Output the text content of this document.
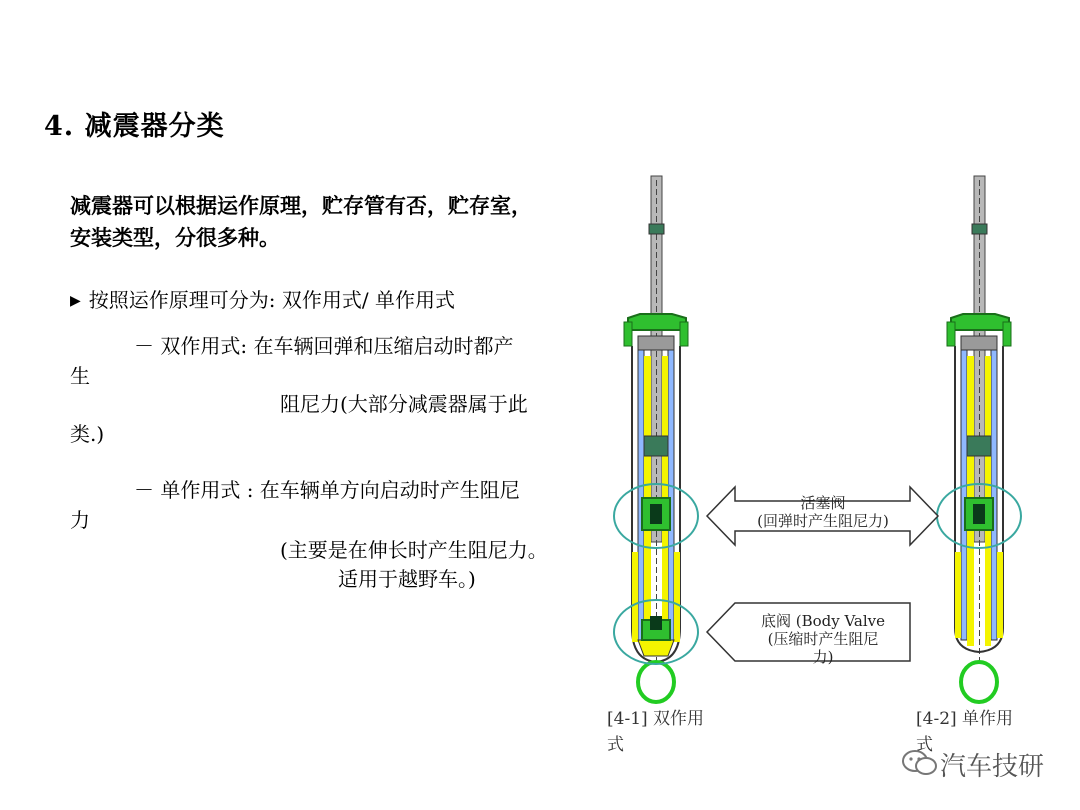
4. 减震器分类
减震器可以根据运作原理，贮存管有否，贮存室，
安装类型，分很多种。
▶ 按照运作原理可分为: 双作用式/ 单作用式
－ 双作用式: 在车辆回弹和压缩启动时都产
生
阻尼力(大部分减震器属于此
类.)
－ 单作用式 : 在车辆单方向启动时产生阻尼
力
(主要是在伸长时产生阻尼力。
适用于越野车。)
活塞阀
(回弹时产生阻尼力)
底阀 (Body Valve
(压缩时产生阻尼
力)
[4-1] 双作用
式
[4-2] 单作用
式
汽车技研
